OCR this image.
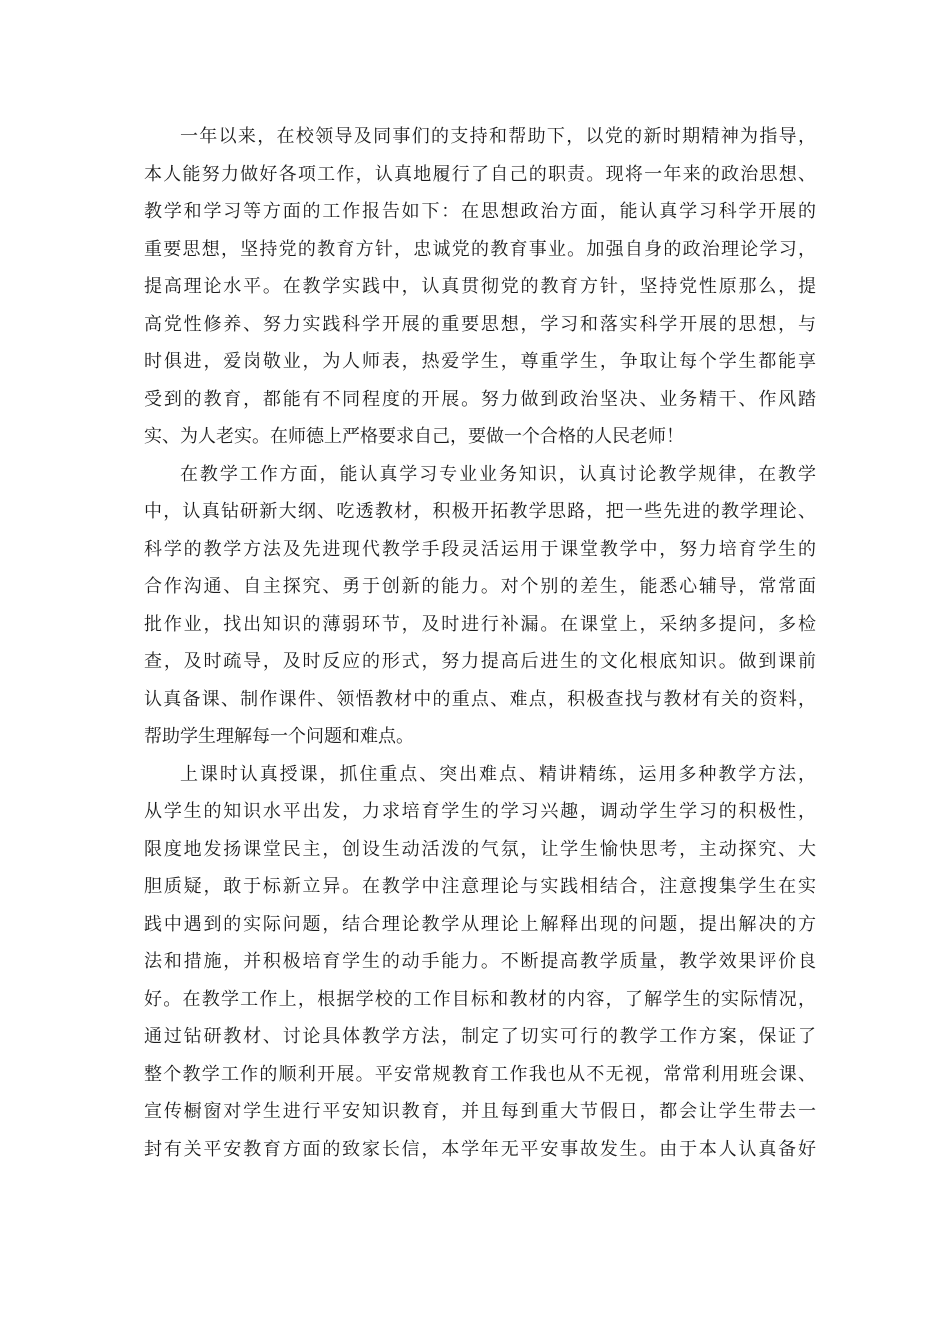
一年以来，在校领导及同事们的支持和帮助下，以党的新时期精神为指导，
本人能努力做好各项工作，认真地履行了自己的职责。现将一年来的政治思想、
教学和学习等方面的工作报告如下：在思想政治方面，能认真学习科学开展的
重要思想，坚持党的教育方针，忠诚党的教育事业。加强自身的政治理论学习，
提高理论水平。在教学实践中，认真贯彻党的教育方针，坚持党性原那么，提
高党性修养、努力实践科学开展的重要思想，学习和落实科学开展的思想，与
时俱进，爱岗敬业，为人师表，热爱学生，尊重学生，争取让每个学生都能享
受到的教育，都能有不同程度的开展。努力做到政治坚决、业务精干、作风踏
实、为人老实。在师德上严格要求自己，要做一个合格的人民老师！
在教学工作方面，能认真学习专业业务知识，认真讨论教学规律，在教学
中，认真钻研新大纲、吃透教材，积极开拓教学思路，把一些先进的教学理论、
科学的教学方法及先进现代教学手段灵活运用于课堂教学中，努力培育学生的
合作沟通、自主探究、勇于创新的能力。对个别的差生，能悉心辅导，常常面
批作业，找出知识的薄弱环节，及时进行补漏。在课堂上，采纳多提问，多检
查，及时疏导，及时反应的形式，努力提高后进生的文化根底知识。做到课前
认真备课、制作课件、领悟教材中的重点、难点，积极查找与教材有关的资料，
帮助学生理解每一个问题和难点。
上课时认真授课，抓住重点、突出难点、精讲精练，运用多种教学方法，
从学生的知识水平出发，力求培育学生的学习兴趣，调动学生学习的积极性，
限度地发扬课堂民主，创设生动活泼的气氛，让学生愉快思考，主动探究、大
胆质疑，敢于标新立异。在教学中注意理论与实践相结合，注意搜集学生在实
践中遇到的实际问题，结合理论教学从理论上解释出现的问题，提出解决的方
法和措施，并积极培育学生的动手能力。不断提高教学质量，教学效果评价良
好。在教学工作上，根据学校的工作目标和教材的内容，了解学生的实际情况，
通过钻研教材、讨论具体教学方法，制定了切实可行的教学工作方案，保证了
整个教学工作的顺利开展。平安常规教育工作我也从不无视，常常利用班会课、
宣传橱窗对学生进行平安知识教育，并且每到重大节假日，都会让学生带去一
封有关平安教育方面的致家长信，本学年无平安事故发生。由于本人认真备好
